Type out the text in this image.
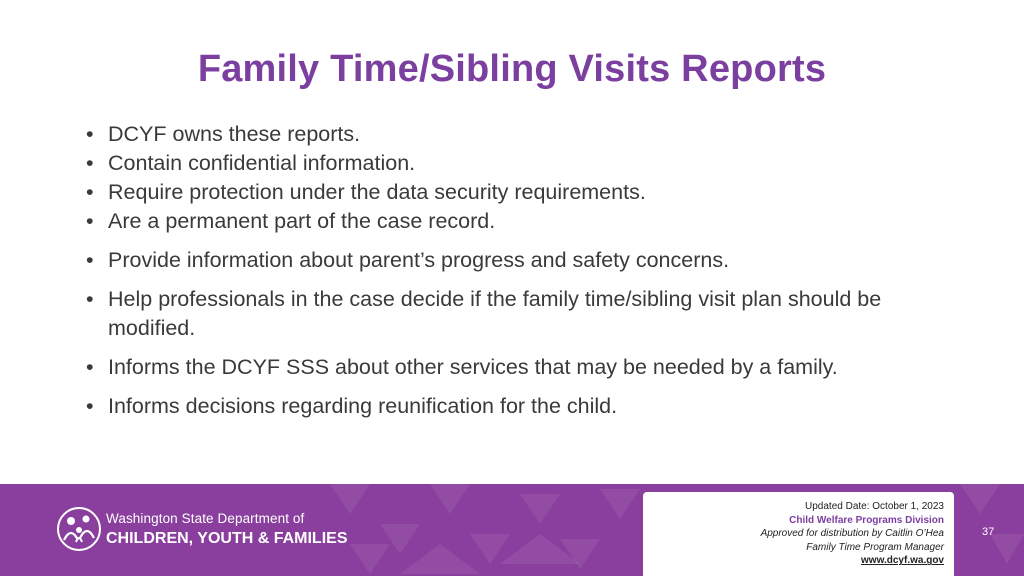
Family Time/Sibling Visits Reports
• DCYF owns these reports.
• Contain confidential information.
• Require protection under the data security requirements.
• Are a permanent part of the case record.
• Provide information about parent’s progress and safety concerns.
• Help professionals in the case decide if the family time/sibling visit plan should be modified.
• Informs the DCYF SSS about other services that may be needed by a family.
• Informs decisions regarding reunification for the child.
Washington State Department of
CHILDREN, YOUTH & FAMILIES
Updated Date: October 1, 2023
Child Welfare Programs Division
Approved for distribution by Caitlin O’Hea
Family Time Program Manager
www.dcyf.wa.gov
37
